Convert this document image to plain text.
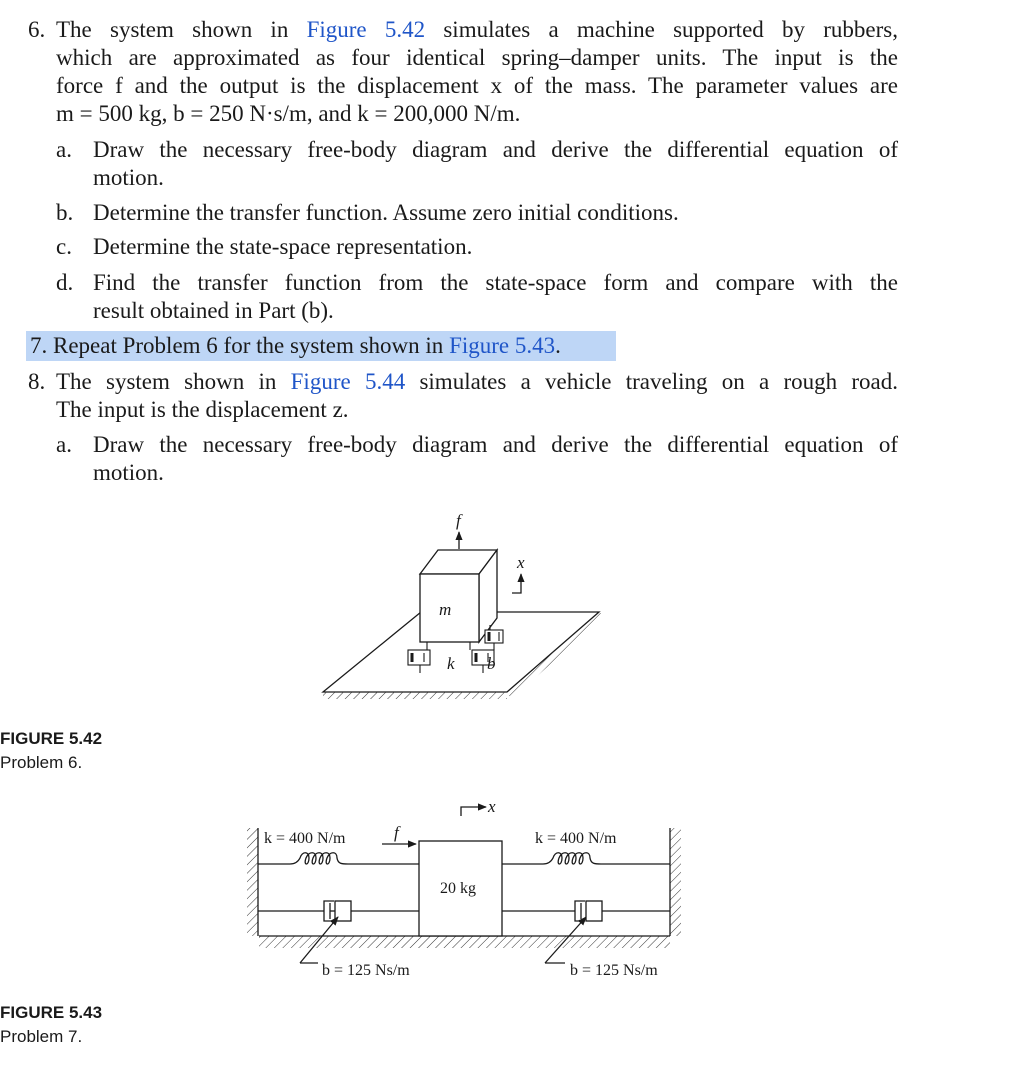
6. The system shown in Figure 5.42 simulates a machine supported by rubbers,
which are approximated as four identical spring–damper units. The input is the
force f and the output is the displacement x of the mass. The parameter values are
m = 500 kg, b = 250 N·s/m, and k = 200,000 N/m.
a. Draw the necessary free-body diagram and derive the differential equation of
motion.
b. Determine the transfer function. Assume zero initial conditions.
c. Determine the state-space representation.
d. Find the transfer function from the state-space form and compare with the
result obtained in Part (b).
7. Repeat Problem 6 for the system shown in Figure 5.43.
8. The system shown in Figure 5.44 simulates a vehicle traveling on a rough road.
The input is the displacement z.
a. Draw the necessary free-body diagram and derive the differential equation of
motion.
FIGURE 5.42
Problem 6.
FIGURE 5.43
Problem 7.
f
x
m
k b
x
f
20 kg
k = 400 N/m	k = 400 N/m
b = 125 Ns/m	b = 125 Ns/m
